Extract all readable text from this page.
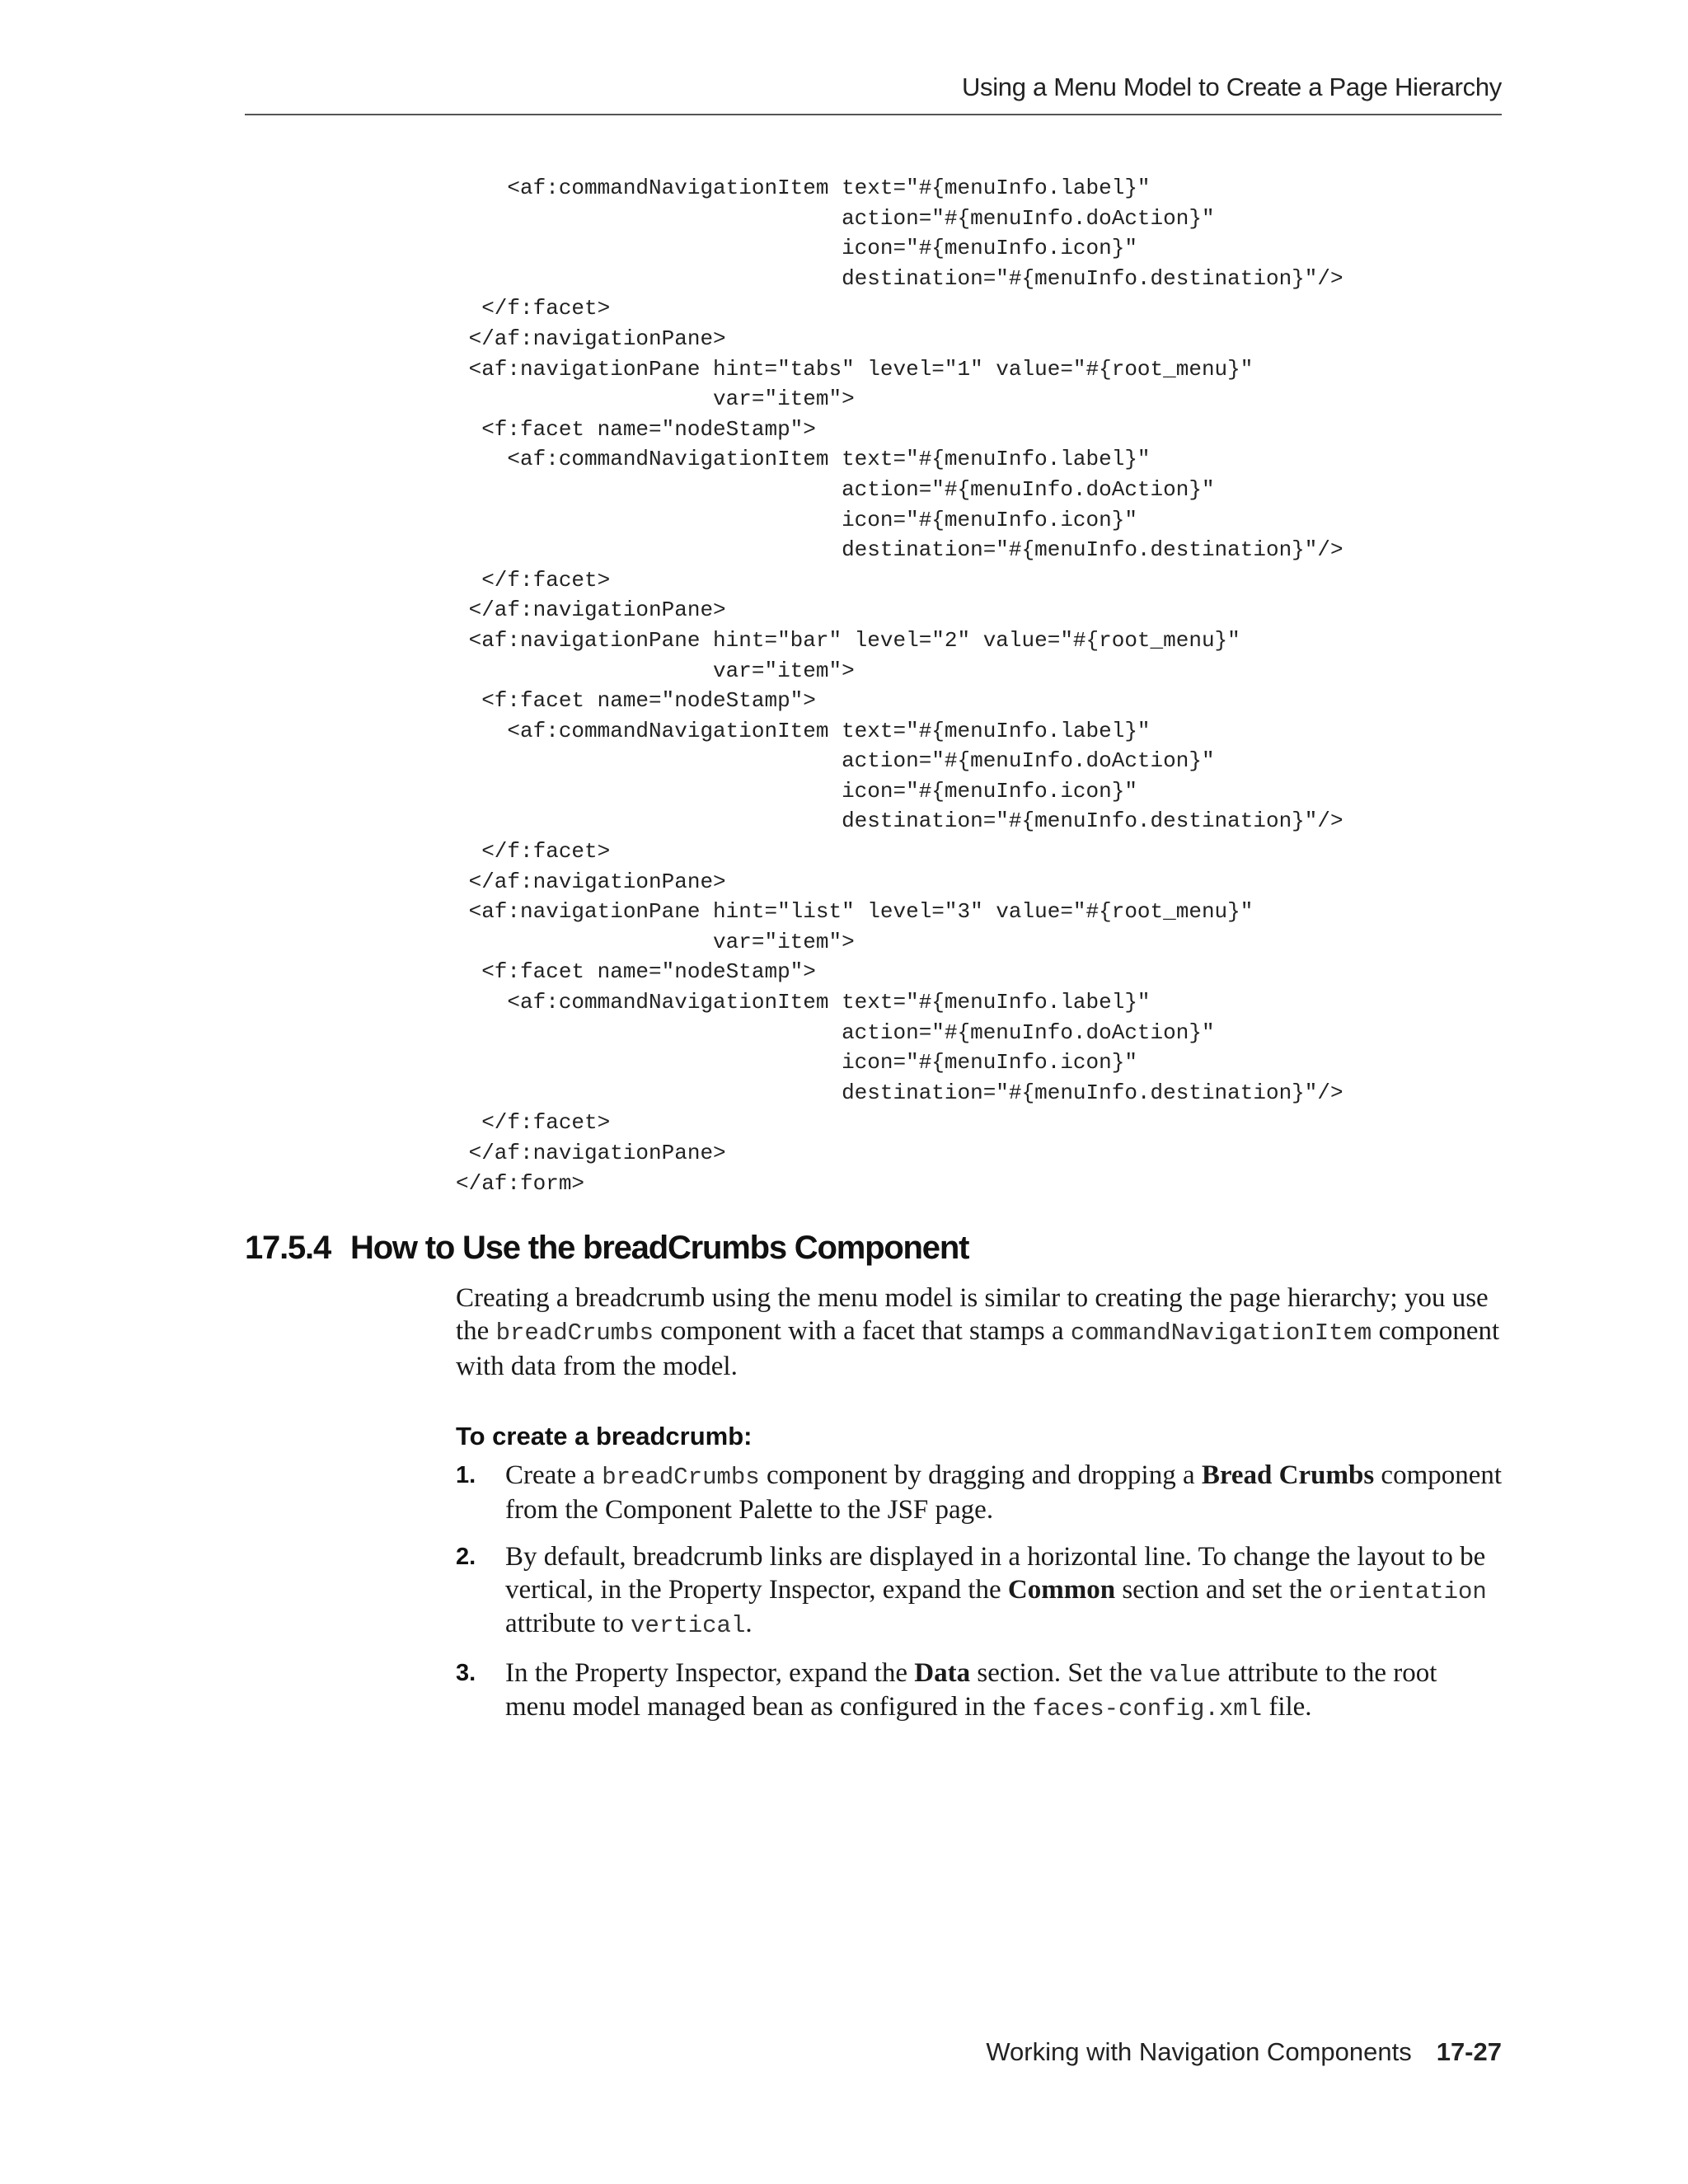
Using a Menu Model to Create a Page Hierarchy
<af:commandNavigationItem text="#{menuInfo.label}"
action="#{menuInfo.doAction}"
icon="#{menuInfo.icon}"
destination="#{menuInfo.destination}"/>
</f:facet>
</af:navigationPane>
<af:navigationPane hint="tabs" level="1" value="#{root_menu}"
var="item">
<f:facet name="nodeStamp">
<af:commandNavigationItem text="#{menuInfo.label}"
action="#{menuInfo.doAction}"
icon="#{menuInfo.icon}"
destination="#{menuInfo.destination}"/>
</f:facet>
</af:navigationPane>
<af:navigationPane hint="bar" level="2" value="#{root_menu}"
var="item">
<f:facet name="nodeStamp">
<af:commandNavigationItem text="#{menuInfo.label}"
action="#{menuInfo.doAction}"
icon="#{menuInfo.icon}"
destination="#{menuInfo.destination}"/>
</f:facet>
</af:navigationPane>
<af:navigationPane hint="list" level="3" value="#{root_menu}"
var="item">
<f:facet name="nodeStamp">
<af:commandNavigationItem text="#{menuInfo.label}"
action="#{menuInfo.doAction}"
icon="#{menuInfo.icon}"
destination="#{menuInfo.destination}"/>
</f:facet>
</af:navigationPane>
</af:form>

17.5.4 How to Use the breadCrumbs Component

Creating a breadcrumb using the menu model is similar to creating the page hierarchy; you use the breadCrumbs component with a facet that stamps a commandNavigationItem component with data from the model.

To create a breadcrumb:
1. Create a breadCrumbs component by dragging and dropping a Bread Crumbs component from the Component Palette to the JSF page.
2. By default, breadcrumb links are displayed in a horizontal line. To change the layout to be vertical, in the Property Inspector, expand the Common section and set the orientation attribute to vertical.
3. In the Property Inspector, expand the Data section. Set the value attribute to the root menu model managed bean as configured in the faces-config.xml file.
Working with Navigation Components 17-27
